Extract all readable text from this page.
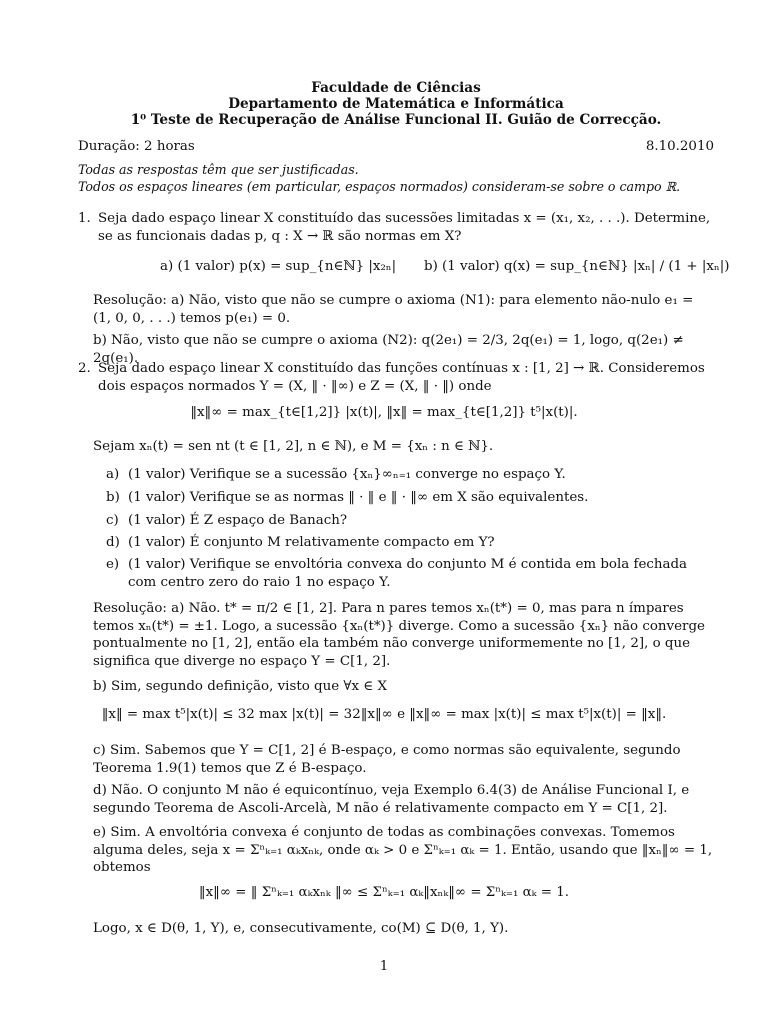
Faculdade de Ciências
Departamento de Matemática e Informática
1⁰ Teste de Recuperação de Análise Funcional II. Guião de Correcção.
Duração: 2 horas	8.10.2010
Todas as respostas têm que ser justificadas.
Todos os espaços lineares (em particular, espaços normados) consideram-se sobre o campo ℝ.
1. Seja dado espaço linear X constituído das sucessões limitadas x = (x₁, x₂, . . .). Determine, se as funcionais dadas p, q : X → ℝ são normas em X?
a) (1 valor) p(x) = sup_{n∈ℕ} |x₂ₙ| b) (1 valor) q(x) = sup_{n∈ℕ} |xₙ| / (1 + |xₙ|)
Resolução: a) Não, visto que não se cumpre o axioma (N1): para elemento não-nulo e₁ = (1, 0, 0, . . .) temos p(e₁) = 0.
b) Não, visto que não se cumpre o axioma (N2): q(2e₁) = 2/3, 2q(e₁) = 1, logo, q(2e₁) ≠ 2q(e₁).
2. Seja dado espaço linear X constituído das funções contínuas x : [1, 2] → ℝ. Consideremos dois espaços normados Y = (X, ‖ · ‖∞) e Z = (X, ‖ · ‖) onde
‖x‖∞ = max_{t∈[1,2]} |x(t)|, ‖x‖ = max_{t∈[1,2]} t⁵|x(t)|.
Sejam xₙ(t) = sen nt (t ∈ [1, 2], n ∈ ℕ), e M = {xₙ : n ∈ ℕ}.
a) (1 valor) Verifique se a sucessão {xₙ}∞ₙ₌₁ converge no espaço Y.
b) (1 valor) Verifique se as normas ‖ · ‖ e ‖ · ‖∞ em X são equivalentes.
c) (1 valor) É Z espaço de Banach?
d) (1 valor) É conjunto M relativamente compacto em Y?
e) (1 valor) Verifique se envoltória convexa do conjunto M é contida em bola fechada com centro zero do raio 1 no espaço Y.
Resolução: a) Não. t* = π/2 ∈ [1, 2]. Para n pares temos xₙ(t*) = 0, mas para n ímpares temos xₙ(t*) = ±1. Logo, a sucessão {xₙ(t*)} diverge. Como a sucessão {xₙ} não converge pontualmente no [1, 2], então ela também não converge uniformemente no [1, 2], o que significa que diverge no espaço Y = C[1, 2].
b) Sim, segundo definição, visto que ∀x ∈ X
‖x‖ = max t⁵|x(t)| ≤ 32 max |x(t)| = 32‖x‖∞ e ‖x‖∞ = max |x(t)| ≤ max t⁵|x(t)| = ‖x‖.
c) Sim. Sabemos que Y = C[1, 2] é B-espaço, e como normas são equivalente, segundo Teorema 1.9(1) temos que Z é B-espaço.
d) Não. O conjunto M não é equicontínuo, veja Exemplo 6.4(3) de Análise Funcional I, e segundo Teorema de Ascoli-Arcelà, M não é relativamente compacto em Y = C[1, 2].
e) Sim. A envoltória convexa é conjunto de todas as combinações convexas. Tomemos alguma deles, seja x = Σⁿₖ₌₁ αₖxₙₖ, onde αₖ > 0 e Σⁿₖ₌₁ αₖ = 1. Então, usando que ‖xₙ‖∞ = 1, obtemos
‖x‖∞ = ‖ Σⁿₖ₌₁ αₖxₙₖ ‖∞ ≤ Σⁿₖ₌₁ αₖ‖xₙₖ‖∞ = Σⁿₖ₌₁ αₖ = 1.
Logo, x ∈ D(θ, 1, Y), e, consecutivamente, co(M) ⊆ D(θ, 1, Y).
1
